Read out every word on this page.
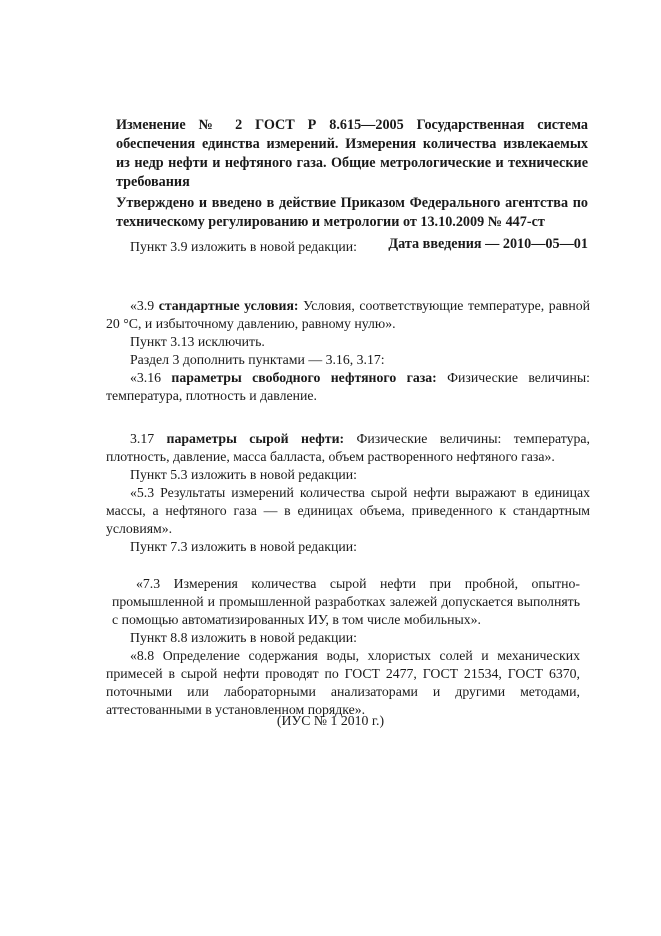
Изменение № 2 ГОСТ Р 8.615—2005 Государственная система обеспечения единства измерений. Измерения количества извлекаемых из недр нефти и нефтяного газа. Общие метрологические и технические требования

Утверждено и введено в действие Приказом Федерального агентства по техническому регулированию и метрологии от 13.10.2009 № 447-ст

Дата введения — 2010—05—01

Пункт 3.9 изложить в новой редакции:

«3.9 стандартные условия: Условия, соответствующие температуре, равной 20 °С, и избыточному давлению, равному нулю».

Пункт 3.13 исключить.

Раздел 3 дополнить пунктами — 3.16, 3.17:

«3.16 параметры свободного нефтяного газа: Физические величины: температура, плотность и давление.

3.17 параметры сырой нефти: Физические величины: температура, плотность, давление, масса балласта, объем растворенного нефтяного газа».

Пункт 5.3 изложить в новой редакции:

«5.3 Результаты измерений количества сырой нефти выражают в единицах массы, а нефтяного газа — в единицах объема, приведенного к стандартным условиям».

Пункт 7.3 изложить в новой редакции:

«7.3 Измерения количества сырой нефти при пробной, опытно-промышленной и промышленной разработках залежей допускается выполнять с помощью автоматизированных ИУ, в том числе мобильных».

Пункт 8.8 изложить в новой редакции:

«8.8 Определение содержания воды, хлористых солей и механических примесей в сырой нефти проводят по ГОСТ 2477, ГОСТ 21534, ГОСТ 6370, поточными или лабораторными анализаторами и другими методами, аттестованными в установленном порядке».

(ИУС № 1 2010 г.)
